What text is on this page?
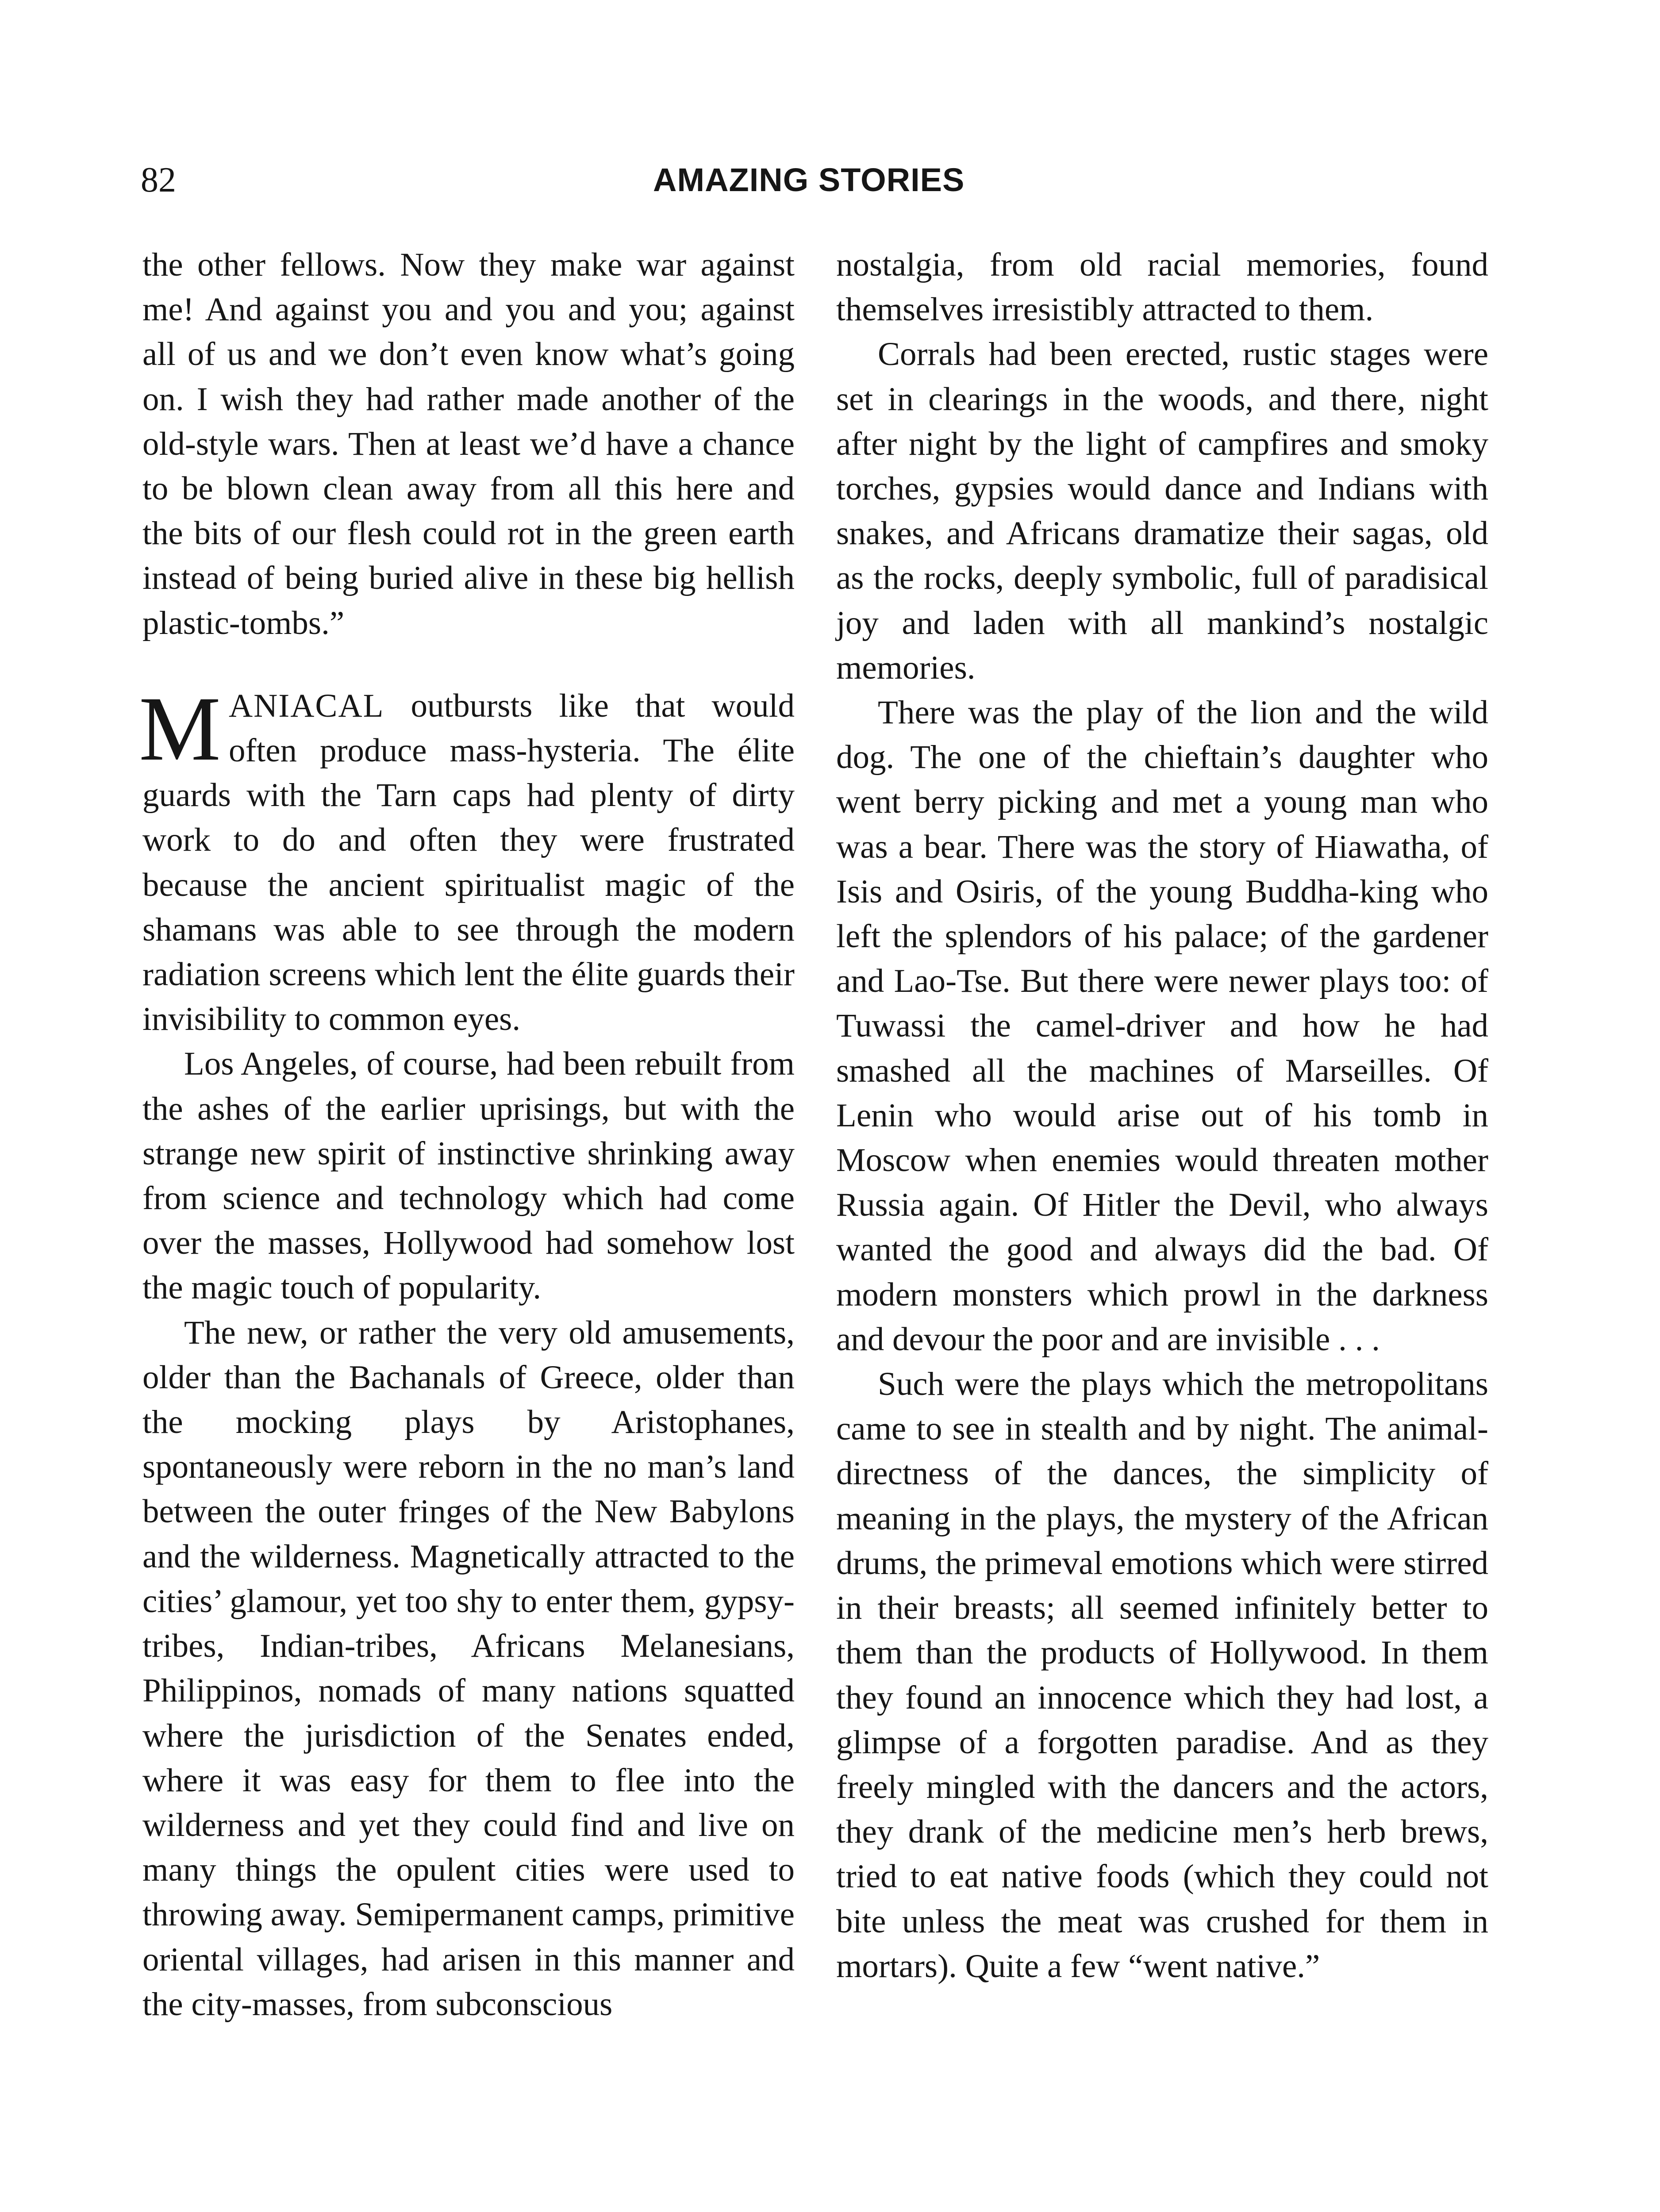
82	AMAZING STORIES

the other fellows. Now they make war against me! And against you and you and you; against all of us and we don’t even know what’s going on. I wish they had rather made another of the old-style wars. Then at least we’d have a chance to be blown clean away from all this here and the bits of our flesh could rot in the green earth instead of being buried alive in these big hellish plastic-tombs.”

MANIACAL outbursts like that would often produce mass-hysteria. The élite guards with the Tarn caps had plenty of dirty work to do and often they were frustrated because the ancient spiritualist magic of the shamans was able to see through the modern radiation screens which lent the élite guards their invisibility to common eyes.

Los Angeles, of course, had been rebuilt from the ashes of the earlier uprisings, but with the strange new spirit of instinctive shrinking away from science and technology which had come over the masses, Hollywood had somehow lost the magic touch of popularity.

The new, or rather the very old amusements, older than the Bachanals of Greece, older than the mocking plays by Aristophanes, spontaneously were reborn in the no man’s land between the outer fringes of the New Babylons and the wilderness. Magnetically attracted to the cities’ glamour, yet too shy to enter them, gypsy-tribes, Indian-tribes, Africans Melanesians, Philippinos, nomads of many nations squatted where the jurisdiction of the Senates ended, where it was easy for them to flee into the wilderness and yet they could find and live on many things the opulent cities were used to throwing away. Semipermanent camps, primitive oriental villages, had arisen in this manner and the city-masses, from subconscious

nostalgia, from old racial memories, found themselves irresistibly attracted to them.

Corrals had been erected, rustic stages were set in clearings in the woods, and there, night after night by the light of campfires and smoky torches, gypsies would dance and Indians with snakes, and Africans dramatize their sagas, old as the rocks, deeply symbolic, full of paradisical joy and laden with all mankind’s nostalgic memories.

There was the play of the lion and the wild dog. The one of the chieftain’s daughter who went berry picking and met a young man who was a bear. There was the story of Hiawatha, of Isis and Osiris, of the young Buddha-king who left the splendors of his palace; of the gardener and Lao-Tse. But there were newer plays too: of Tuwassi the camel-driver and how he had smashed all the machines of Marseilles. Of Lenin who would arise out of his tomb in Moscow when enemies would threaten mother Russia again. Of Hitler the Devil, who always wanted the good and always did the bad. Of modern monsters which prowl in the darkness and devour the poor and are invisible . . .

Such were the plays which the metropolitans came to see in stealth and by night. The animal-directness of the dances, the simplicity of meaning in the plays, the mystery of the African drums, the primeval emotions which were stirred in their breasts; all seemed infinitely better to them than the products of Hollywood. In them they found an innocence which they had lost, a glimpse of a forgotten paradise. And as they freely mingled with the dancers and the actors, they drank of the medicine men’s herb brews, tried to eat native foods (which they could not bite unless the meat was crushed for them in mortars). Quite a few “went native.”
